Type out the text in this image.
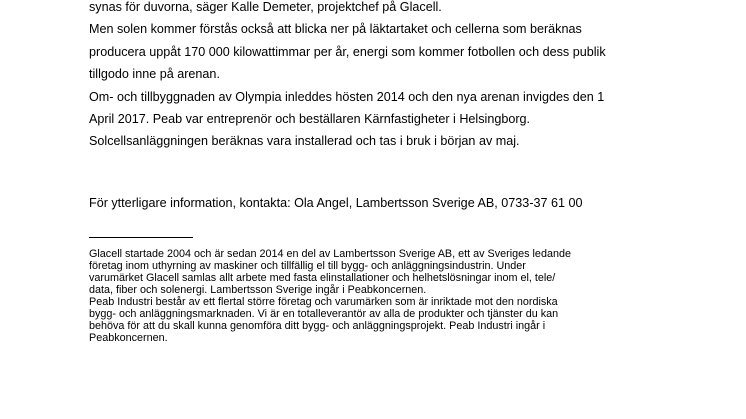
synas för duvorna, säger Kalle Demeter, projektchef på Glacell.

Men solen kommer förstås också att blicka ner på läktartaket och cellerna som beräknas

producera uppåt 170 000 kilowattimmar per år, energi som kommer fotbollen och dess publik

tillgodo inne på arenan.

Om- och tillbyggnaden av Olympia inleddes hösten 2014 och den nya arenan invigdes den 1

April 2017. Peab var entreprenör och beställaren Kärnfastigheter i Helsingborg.

Solcellsanläggningen beräknas vara installerad och tas i bruk i början av maj.

För ytterligare information, kontakta: Ola Angel, Lambertsson Sverige AB, 0733-37 61 00

Glacell startade 2004 och är sedan 2014 en del av Lambertsson Sverige AB, ett av Sveriges ledande

företag inom uthyrning av maskiner och tillfällig el till bygg- och anläggningsindustrin. Under

varumärket Glacell samlas allt arbete med fasta elinstallationer och helhetslösningar inom el, tele/

data, fiber och solenergi. Lambertsson Sverige ingår i Peabkoncernen.

Peab Industri består av ett flertal större företag och varumärken som är inriktade mot den nordiska

bygg- och anläggningsmarknaden. Vi är en totalleverantör av alla de produkter och tjänster du kan

behöva för att du skall kunna genomföra ditt bygg- och anläggningsprojekt. Peab Industri ingår i

Peabkoncernen.
